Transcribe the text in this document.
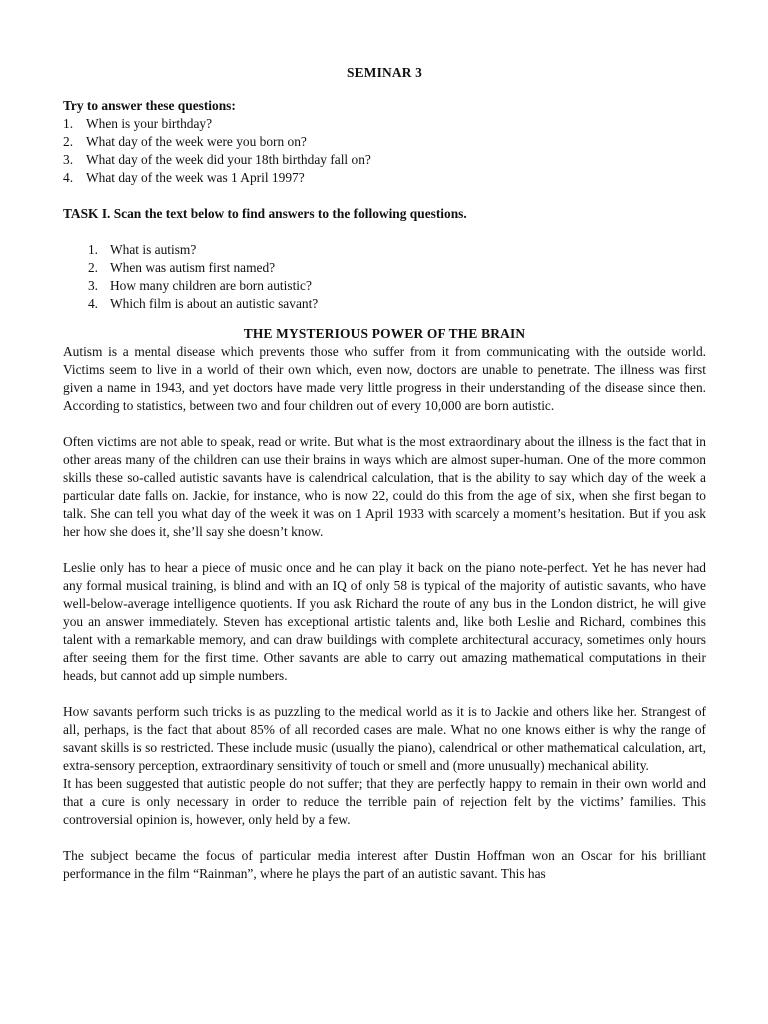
SEMINAR 3
Try to answer these questions:
1. When is your birthday?
2. What day of the week were you born on?
3. What day of the week did your 18th birthday fall on?
4. What day of the week was 1 April 1997?
TASK I. Scan the text below to find answers to the following questions.
1. What is autism?
2. When was autism first named?
3. How many children are born autistic?
4. Which film is about an autistic savant?
THE MYSTERIOUS POWER OF THE BRAIN

Autism is a mental disease which prevents those who suffer from it from communicating with the outside world. Victims seem to live in a world of their own which, even now, doctors are unable to penetrate. The illness was first given a name in 1943, and yet doctors have made very little progress in their understanding of the disease since then. According to statistics, between two and four children out of every 10,000 are born autistic.

Often victims are not able to speak, read or write. But what is the most extraordinary about the illness is the fact that in other areas many of the children can use their brains in ways which are almost super-human. One of the more common skills these so-called autistic savants have is calendrical calculation, that is the ability to say which day of the week a particular date falls on. Jackie, for instance, who is now 22, could do this from the age of six, when she first began to talk. She can tell you what day of the week it was on 1 April 1933 with scarcely a moment’s hesitation. But if you ask her how she does it, she’ll say she doesn’t know.

Leslie only has to hear a piece of music once and he can play it back on the piano note-perfect. Yet he has never had any formal musical training, is blind and with an IQ of only 58 is typical of the majority of autistic savants, who have well-below-average intelligence quotients. If you ask Richard the route of any bus in the London district, he will give you an answer immediately. Steven has exceptional artistic talents and, like both Leslie and Richard, combines this talent with a remarkable memory, and can draw buildings with complete architectural accuracy, sometimes only hours after seeing them for the first time. Other savants are able to carry out amazing mathematical computations in their heads, but cannot add up simple numbers.

How savants perform such tricks is as puzzling to the medical world as it is to Jackie and others like her. Strangest of all, perhaps, is the fact that about 85% of all recorded cases are male. What no one knows either is why the range of savant skills is so restricted. These include music (usually the piano), calendrical or other mathematical calculation, art, extra-sensory perception, extraordinary sensitivity of touch or smell and (more unusually) mechanical ability.

It has been suggested that autistic people do not suffer; that they are perfectly happy to remain in their own world and that a cure is only necessary in order to reduce the terrible pain of rejection felt by the victims’ families. This controversial opinion is, however, only held by a few.

The subject became the focus of particular media interest after Dustin Hoffman won an Oscar for his brilliant performance in the film “Rainman”, where he plays the part of an autistic savant. This has
